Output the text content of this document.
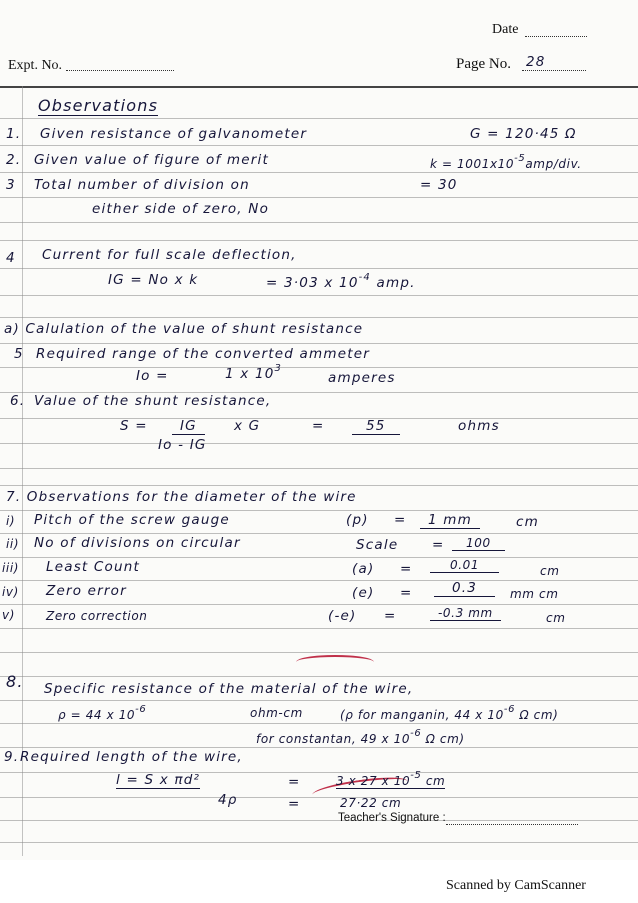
Date
Expt. No.	Page No. 28
Observations
1. Given resistance of galvanometer	G = 120·45 Ω
2. Given value of figure of merit	$k = 1001x10^{-5}amp$/div.
3 Total number of division on	= 30
either side of zero, No
4 Current for full scale deflection,
IG = No x k	= 3·03 x $10^{-4}$ amp.
a) Calulation of the value of shunt resistance
5 Required range of the converted ammeter
Io =	1 x $10^3$
amperes
6. Value of the shunt resistance,
S =	IG	x G
Io - IG
=	55	ohms
7. Observations for the diameter of the wire
i) Pitch of the screw gauge	(p) =	1 mm	cm
ii) No of divisions on circular	Scale =	100
iii) Least Count	(a) =	0.01	cm
iv) Zero error	(e) =	0.3	mm cm
v)	Zero correction	(-e) =	-0.3 mm	cm
8. Specific resistance of the material of the wire,
ρ = 44 x $10^{-6}$	ohm-cm	(ρ for manganin, 44 x $10^{-6}$ Ω cm)
for constantan, 49 x $10^{-6}$ Ω cm)
9. Required length of the wire,
l = S x πd²
4ρ
=	3 x 27 x $10^{-5}$ cm
=	27·22 cm
Teacher's Signature :
Scanned by CamScanner
